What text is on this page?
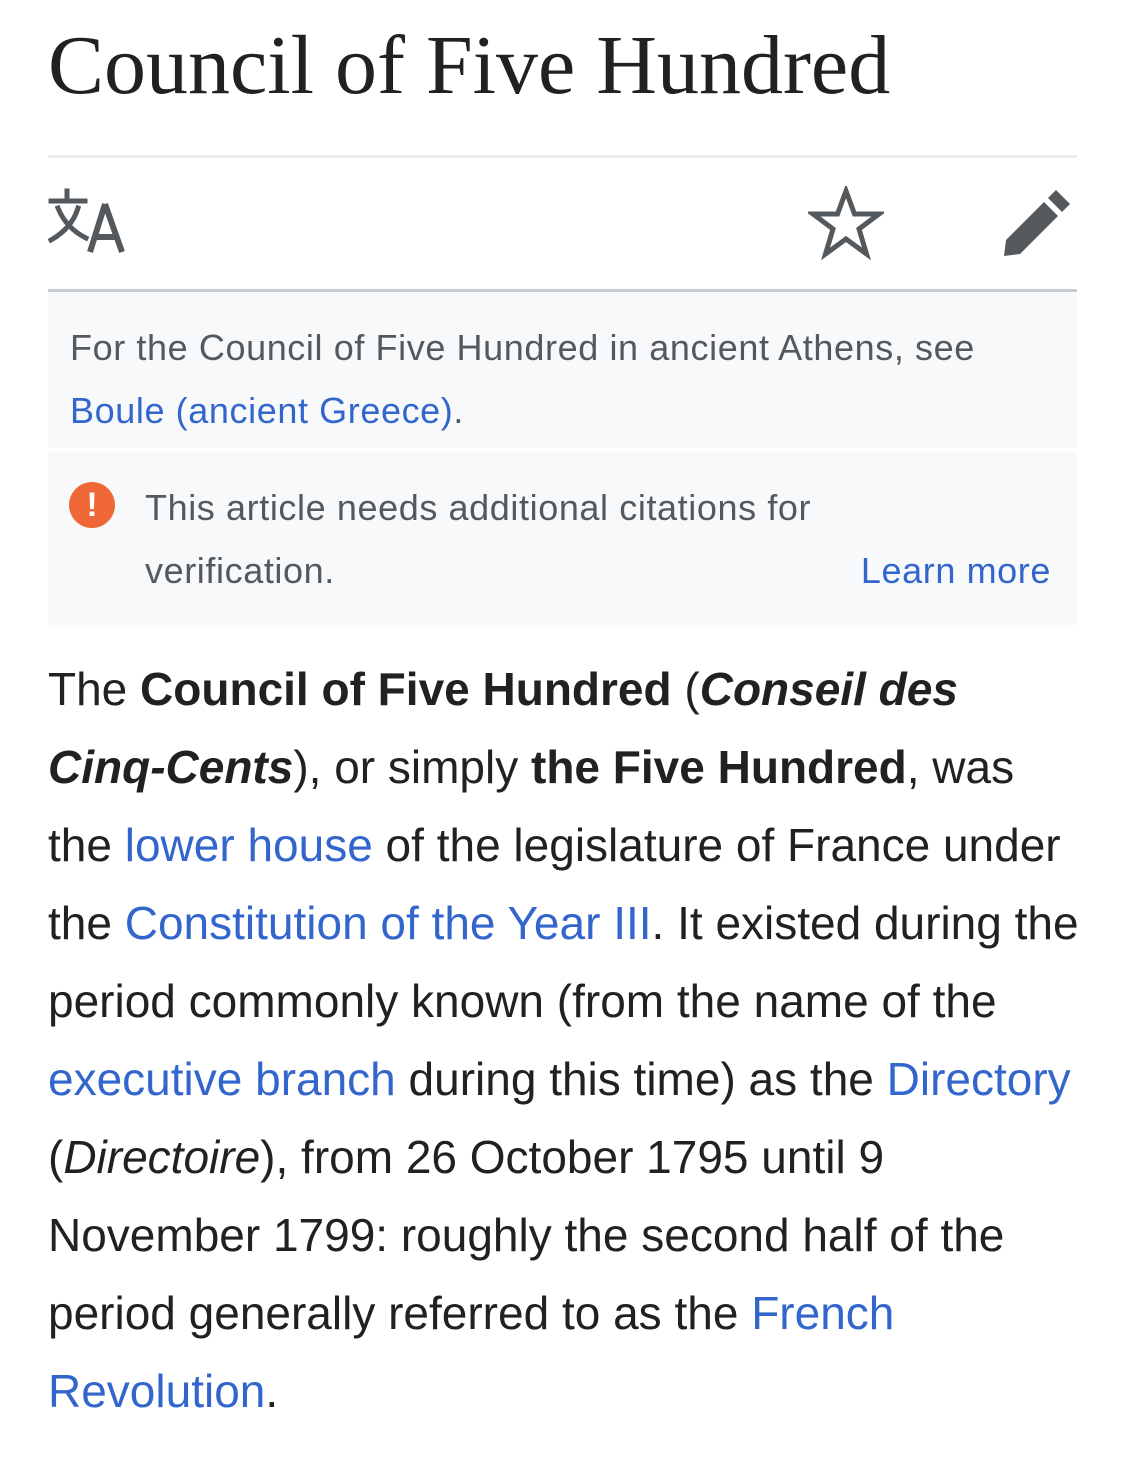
Council of Five Hundred
For the Council of Five Hundred in ancient Athens, see
Boule (ancient Greece).
!	This article needs additional citations for verification.	Learn more

The Council of Five Hundred (Conseil des Cinq-Cents), or simply the Five Hundred, was the lower house of the legislature of France under the Constitution of the Year III. It existed during the period commonly known (from the name of the executive branch during this time) as the Directory (Directoire), from 26 October 1795 until 9 November 1799: roughly the second half of the period generally referred to as the French Revolution.
